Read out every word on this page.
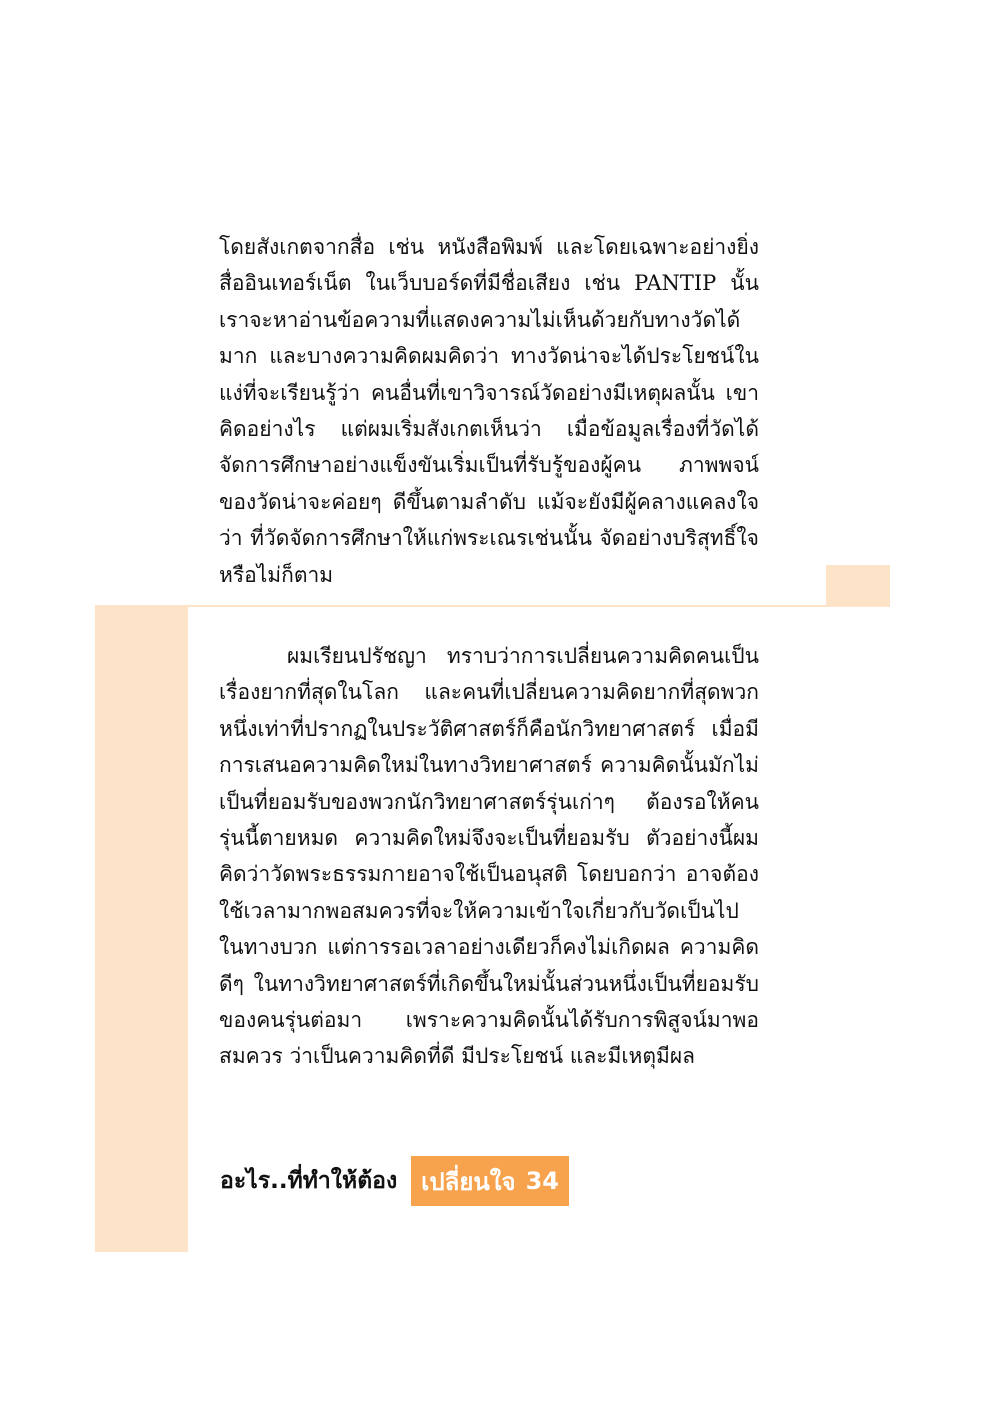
โดยสังเกตจากสื่อ เช่น หนังสือพิมพ์ และโดยเฉพาะอย่างยิ่งสื่ออินเทอร์เน็ต ในเว็บบอร์ดที่มีชื่อเสียง เช่น PANTIP นั้น เราจะหาอ่านข้อความที่แสดงความไม่เห็นด้วยกับทางวัดได้มาก และบางความคิดผมคิดว่า ทางวัดน่าจะได้ประโยชน์ในแง่ที่จะเรียนรู้ว่า คนอื่นที่เขาวิจารณ์วัดอย่างมีเหตุผลนั้น เขาคิดอย่างไร แต่ผมเริ่มสังเกตเห็นว่า เมื่อข้อมูลเรื่องที่วัดได้จัดการศึกษาอย่างแข็งขันเริ่มเป็นที่รับรู้ของผู้คน ภาพพจน์ของวัดน่าจะค่อยๆ ดีขึ้นตามลำดับ แม้จะยังมีผู้คลางแคลงใจว่า ที่วัดจัดการศึกษาให้แก่พระเณรเช่นนั้น จัดอย่างบริสุทธิ์ใจหรือไม่ก็ตาม

ผมเรียนปรัชญา ทราบว่าการเปลี่ยนความคิดคนเป็นเรื่องยากที่สุดในโลก และคนที่เปลี่ยนความคิดยากที่สุดพวกหนึ่งเท่าที่ปรากฏในประวัติศาสตร์ก็คือนักวิทยาศาสตร์ เมื่อมีการเสนอความคิดใหม่ในทางวิทยาศาสตร์ ความคิดนั้นมักไม่เป็นที่ยอมรับของพวกนักวิทยาศาสตร์รุ่นเก่าๆ ต้องรอให้คนรุ่นนี้ตายหมด ความคิดใหม่จึงจะเป็นที่ยอมรับ ตัวอย่างนี้ผมคิดว่าวัดพระธรรมกายอาจใช้เป็นอนุสติ โดยบอกว่า อาจต้องใช้เวลามากพอสมควรที่จะให้ความเข้าใจเกี่ยวกับวัดเป็นไปในทางบวก แต่การรอเวลาอย่างเดียวก็คงไม่เกิดผล ความคิดดีๆ ในทางวิทยาศาสตร์ที่เกิดขึ้นใหม่นั้นส่วนหนึ่งเป็นที่ยอมรับของคนรุ่นต่อมา เพราะความคิดนั้นได้รับการพิสูจน์มาพอสมควร ว่าเป็นความคิดที่ดี มีประโยชน์ และมีเหตุมีผล

อะไร..ที่ทำให้ต้อง เปลี่ยนใจ 34
